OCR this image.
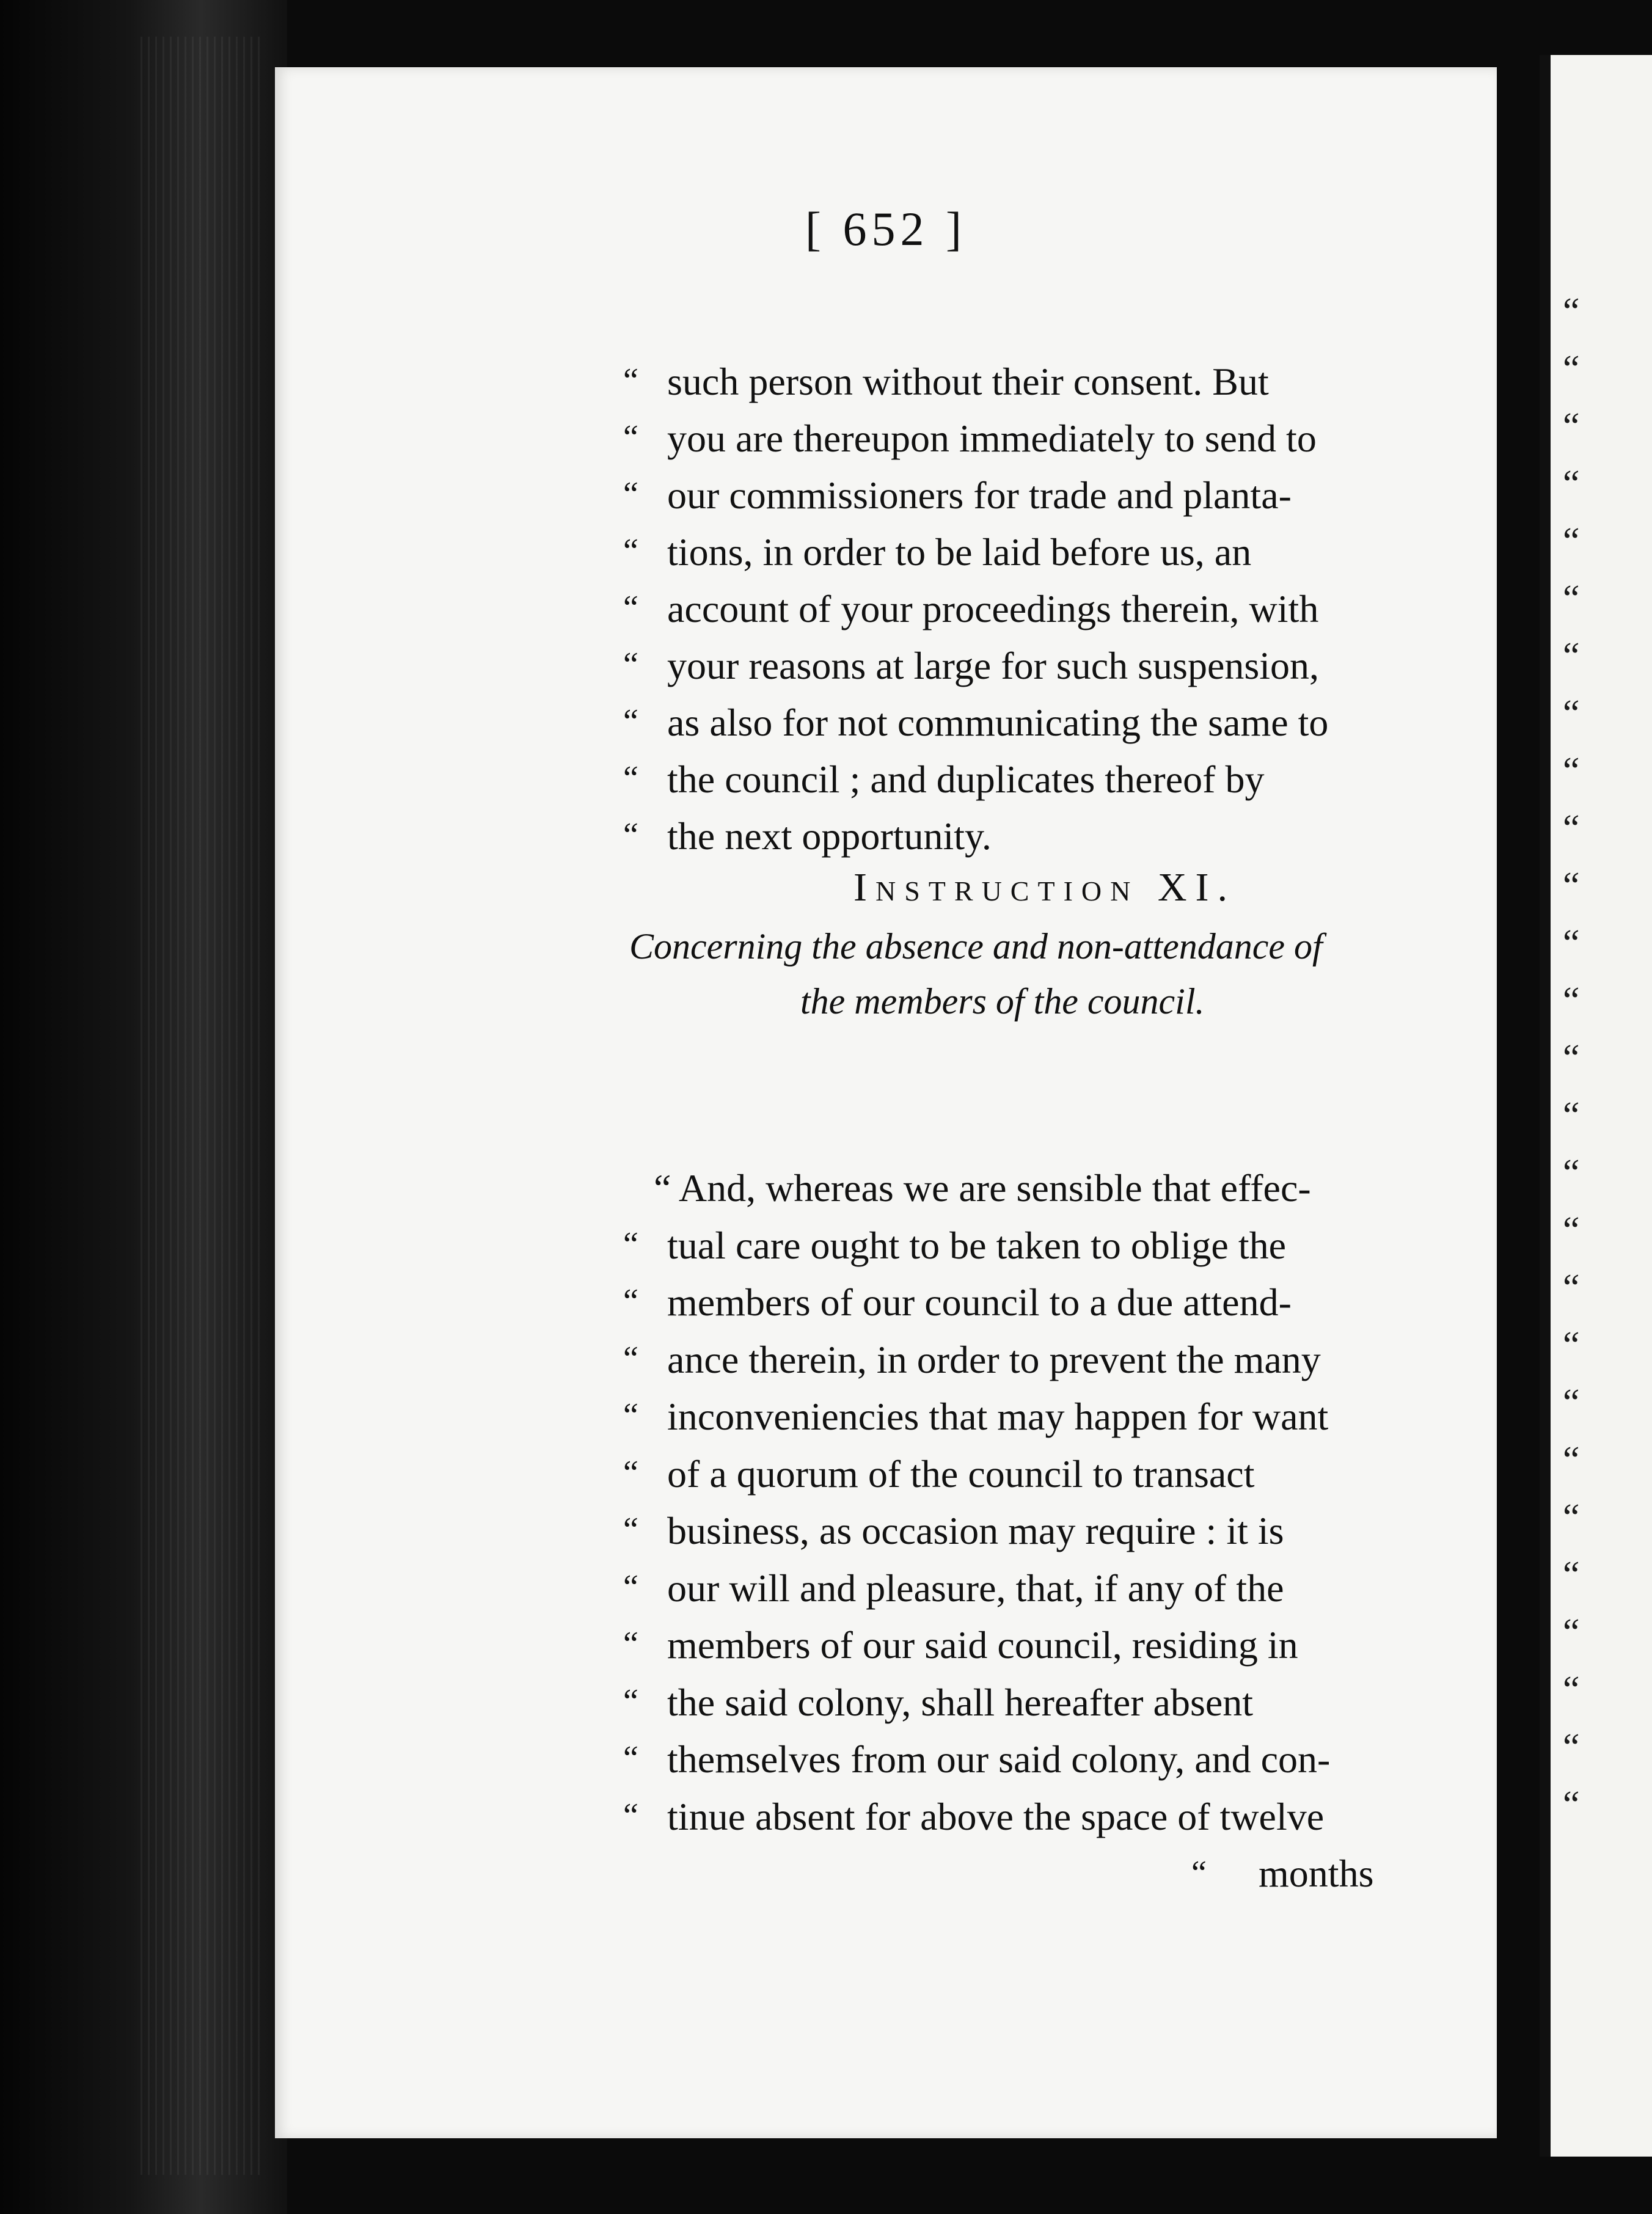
“
“
“
“
“
“
“
“
“
“
“
“
“
“
“
“
“
“
“
“
“
“
“
“
“
“
“
[ 652 ]
“ such person without their consent. But
“ you are thereupon immediately to send to
“ our commissioners for trade and planta-
“ tions, in order to be laid before us, an
“ account of your proceedings therein, with
“ your reasons at large for such suspension,
“ as also for not communicating the same to
“ the council ; and duplicates thereof by
“ the next opportunity.
Instruction XI.
Concerning the absence and non-attendance of
the members of the council.
“ And, whereas we are sensible that effec-
“ tual care ought to be taken to oblige the
“ members of our council to a due attend-
“ ance therein, in order to prevent the many
“ inconveniencies that may happen for want
“ of a quorum of the council to transact
“ business, as occasion may require : it is
“ our will and pleasure, that, if any of the
“ members of our said council, residing in
“ the said colony, shall hereafter absent
“ themselves from our said colony, and con-
“ tinue absent for above the space of twelve
“ months
